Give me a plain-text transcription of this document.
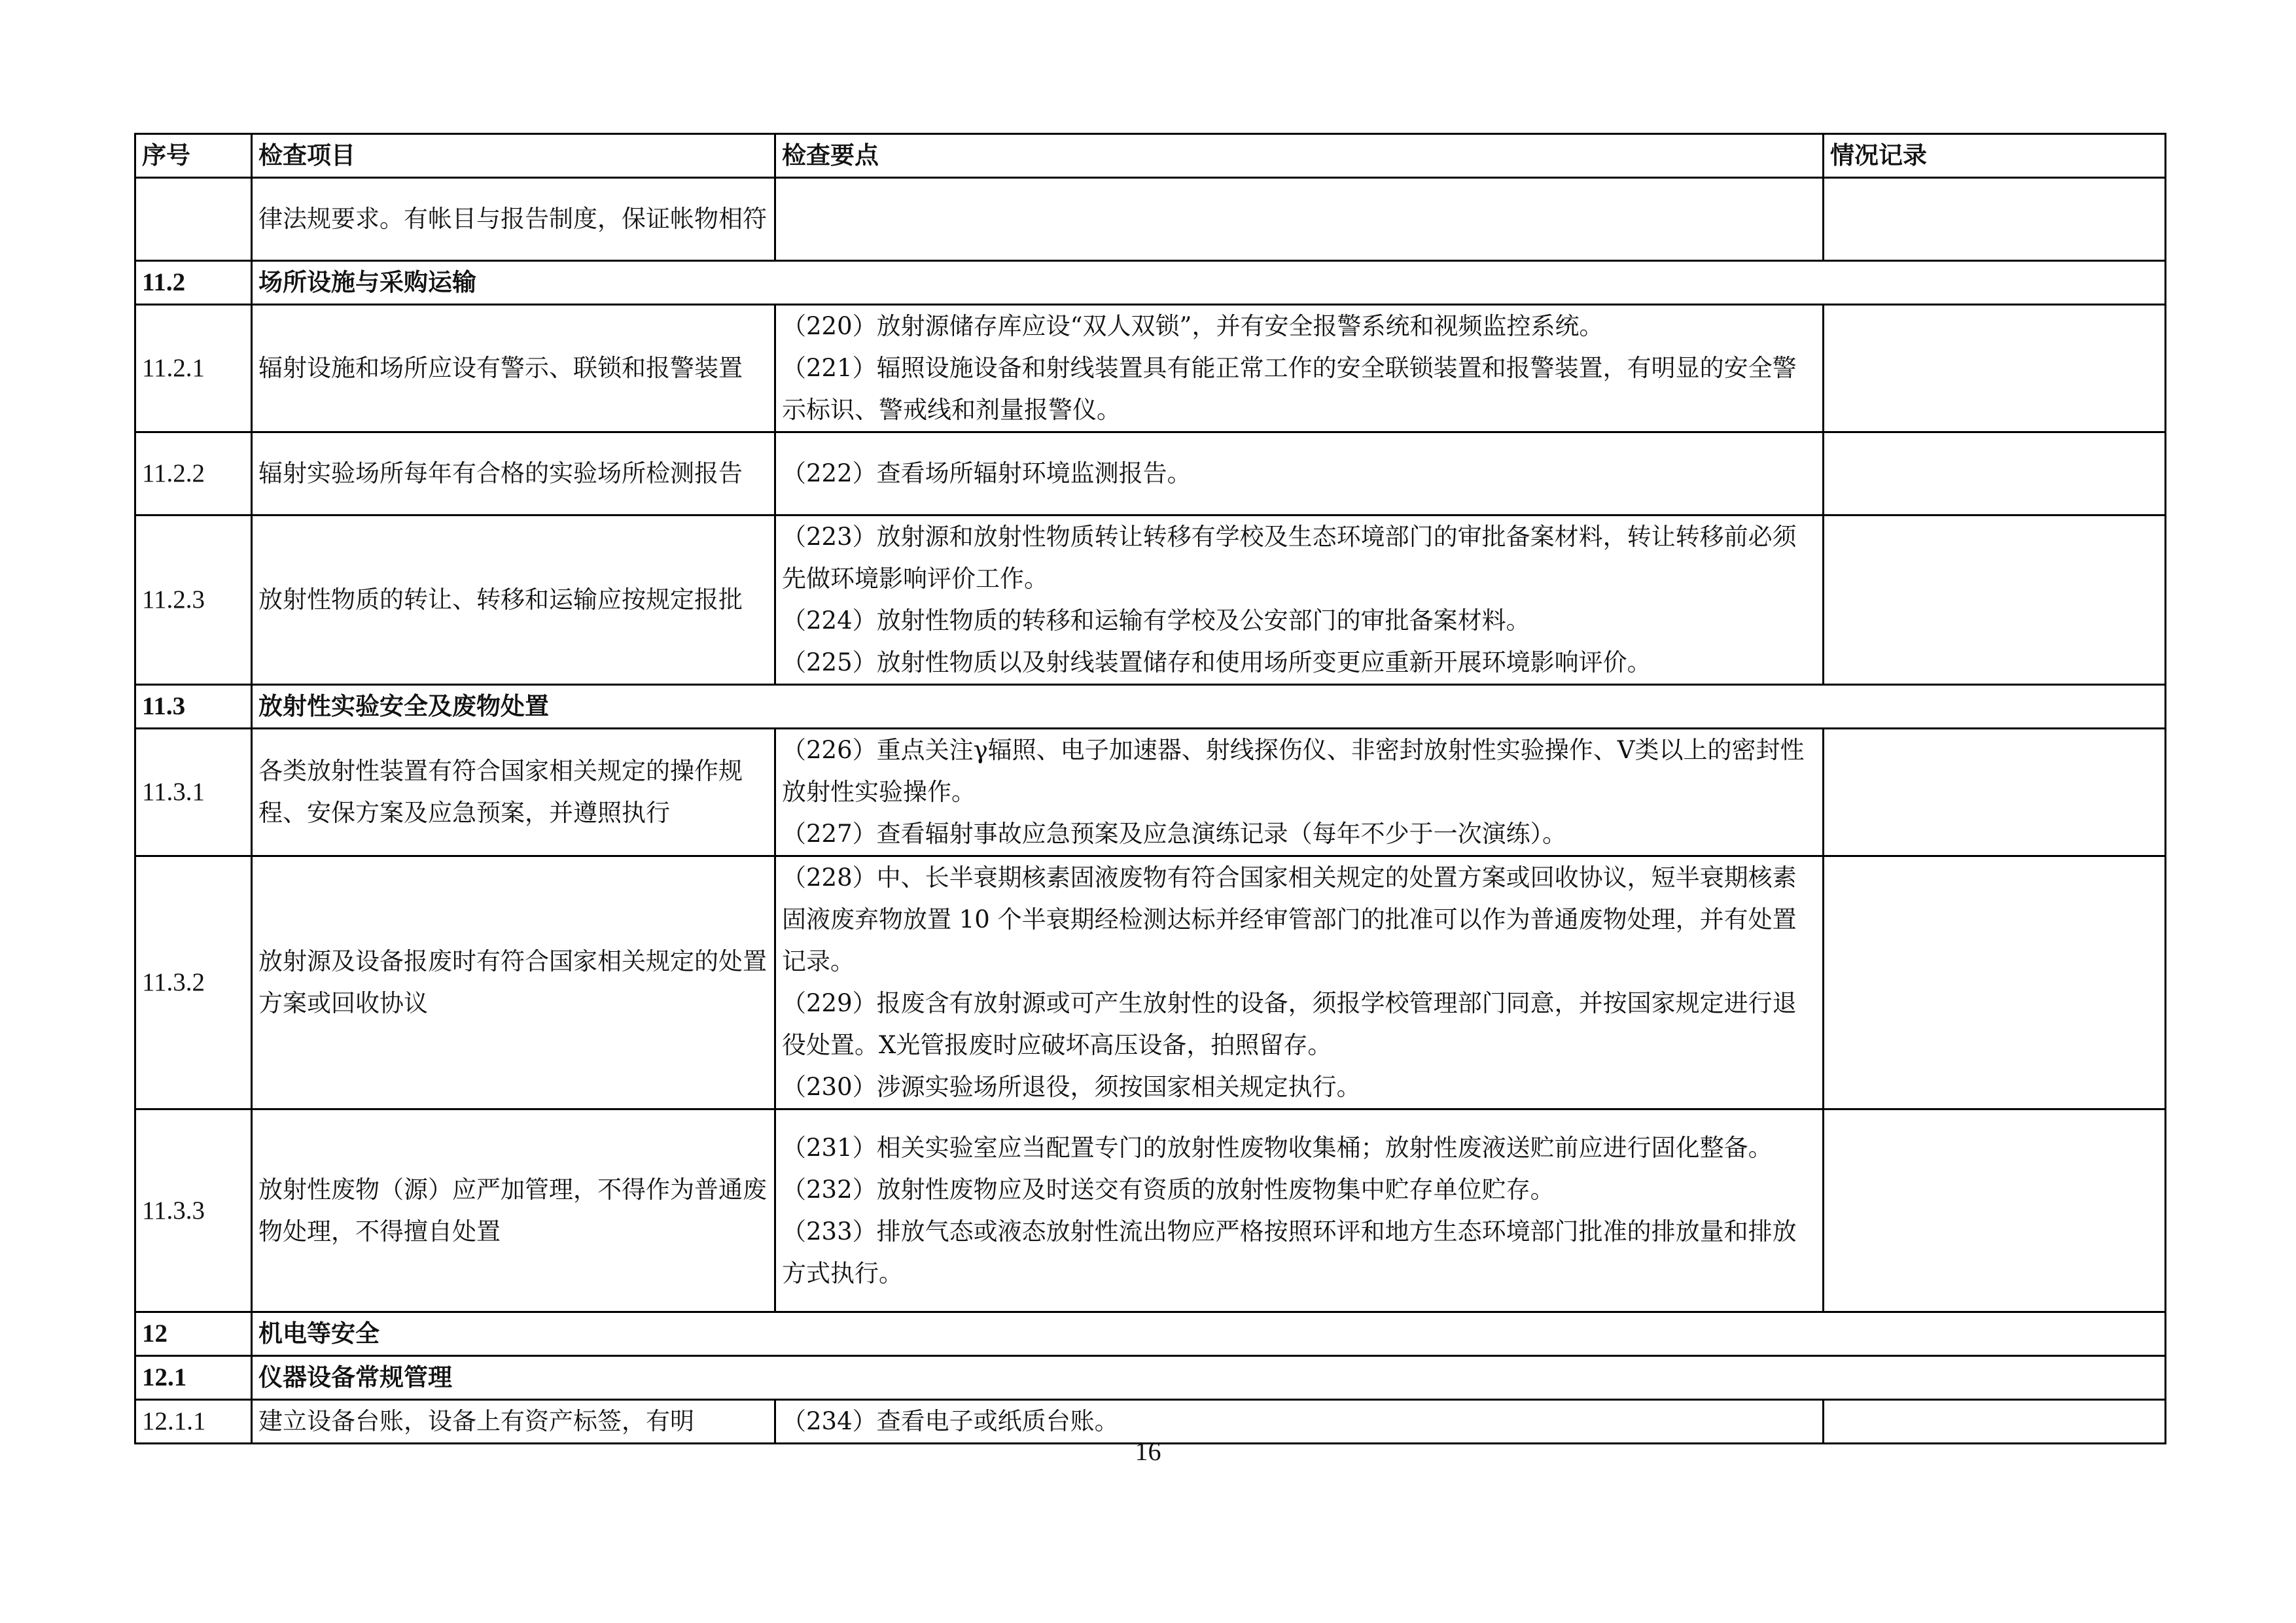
序号	检查项目	检查要点	情况记录
	律法规要求。有帐目与报告制度，保证帐物相符		
11.2	场所设施与采购运输		
11.2.1	辐射设施和场所应设有警示、联锁和报警装置	（220）放射源储存库应设“双人双锁”，并有安全报警系统和视频监控系统。
（221）辐照设施设备和射线装置具有能正常工作的安全联锁装置和报警装置，有明显的安全警示标识、警戒线和剂量报警仪。	

11.2.2	辐射实验场所每年有合格的实验场所检测报告	（222）查看场所辐射环境监测报告。	

11.2.3	放射性物质的转让、转移和运输应按规定报批	（223）放射源和放射性物质转让转移有学校及生态环境部门的审批备案材料，转让转移前必须先做环境影响评价工作。
（224）放射性物质的转移和运输有学校及公安部门的审批备案材料。
（225）放射性物质以及射线装置储存和使用场所变更应重新开展环境影响评价。	

11.3	放射性实验安全及废物处置		
11.3.1	各类放射性装置有符合国家相关规定的操作规程、安保方案及应急预案，并遵照执行	（226）重点关注γ辐照、电子加速器、射线探伤仪、非密封放射性实验操作、V类以上的密封性放射性实验操作。
（227）查看辐射事故应急预案及应急演练记录（每年不少于一次演练）。	

11.3.2	放射源及设备报废时有符合国家相关规定的处置方案或回收协议	（228）中、长半衰期核素固液废物有符合国家相关规定的处置方案或回收协议，短半衰期核素固液废弃物放置 10 个半衰期经检测达标并经审管部门的批准可以作为普通废物处理，并有处置记录。
（229）报废含有放射源或可产生放射性的设备，须报学校管理部门同意，并按国家规定进行退役处置。X光管报废时应破坏高压设备，拍照留存。
（230）涉源实验场所退役，须按国家相关规定执行。	

11.3.3	放射性废物（源）应严加管理，不得作为普通废物处理，不得擅自处置	（231）相关实验室应当配置专门的放射性废物收集桶；放射性废液送贮前应进行固化整备。
（232）放射性废物应及时送交有资质的放射性废物集中贮存单位贮存。
（233）排放气态或液态放射性流出物应严格按照环评和地方生态环境部门批准的排放量和排放方式执行。	

12	机电等安全		
12.1	仪器设备常规管理		
12.1.1	建立设备台账，设备上有资产标签，有明	（234）查看电子或纸质台账。	

16
